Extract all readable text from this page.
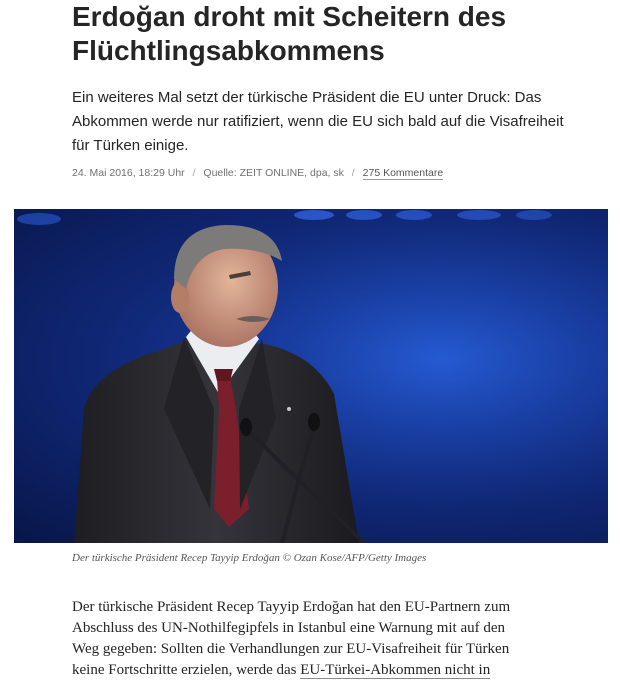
Erdoğan droht mit Scheitern des
Flüchtlingsabkommens
Ein weiteres Mal setzt der türkische Präsident die EU unter Druck: Das
Abkommen werde nur ratifiziert, wenn die EU sich bald auf die Visafreiheit
für Türken einige.
24. Mai 2016, 18:29 Uhr / Quelle: ZEIT ONLINE, dpa, sk / 275 Kommentare
Der türkische Präsident Recep Tayyip Erdoğan © Ozan Kose/AFP/Getty Images
Der türkische Präsident Recep Tayyip Erdoğan hat den EU-Partnern zum
Abschluss des UN-Nothilfegipfels in Istanbul eine Warnung mit auf den
Weg gegeben: Sollten die Verhandlungen zur EU-Visafreiheit für Türken
keine Fortschritte erzielen, werde das EU-Türkei-Abkommen nicht in
